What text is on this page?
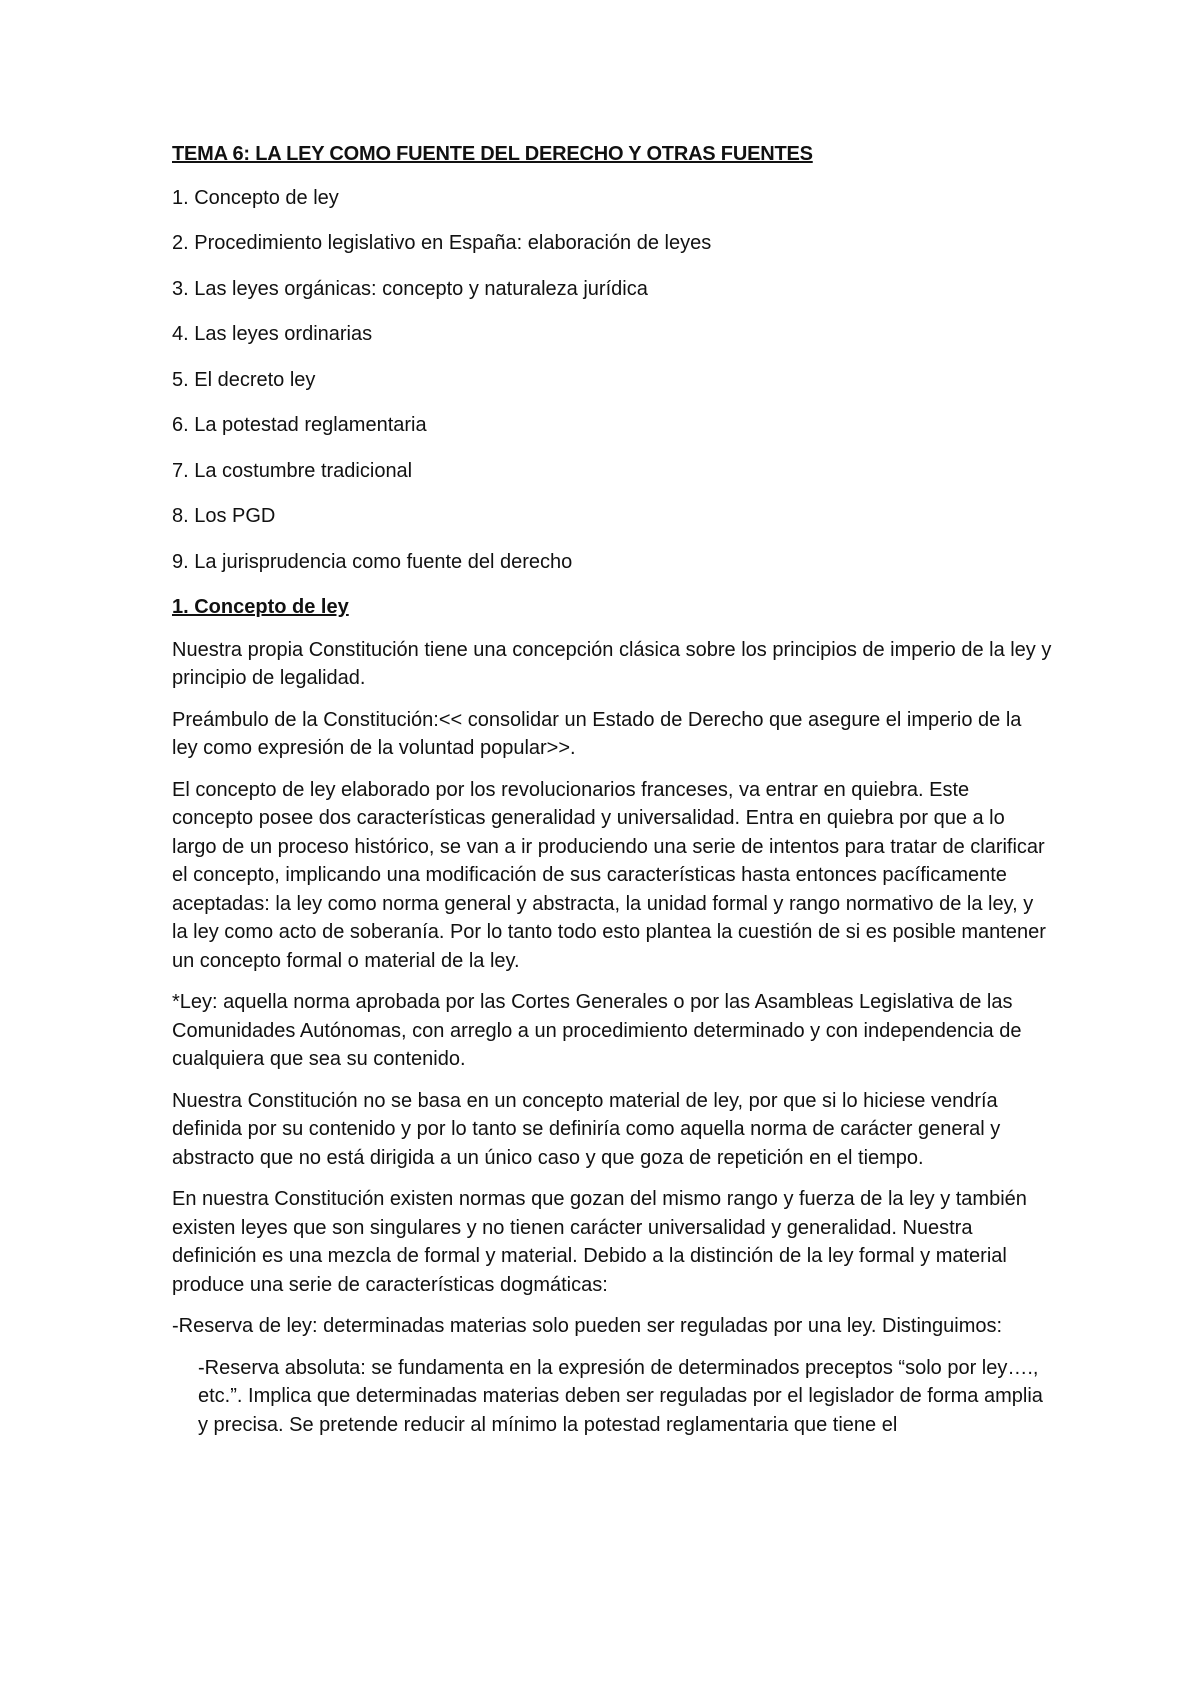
TEMA 6: LA LEY COMO FUENTE DEL DERECHO Y OTRAS FUENTES
1. Concepto de ley
2. Procedimiento legislativo en España: elaboración de leyes
3. Las leyes orgánicas: concepto y naturaleza jurídica
4. Las leyes ordinarias
5. El decreto ley
6. La potestad reglamentaria
7. La costumbre tradicional
8. Los PGD
9. La jurisprudencia como fuente del derecho
1. Concepto de ley

Nuestra propia Constitución tiene una concepción clásica sobre los principios de imperio de la ley y principio de legalidad.

Preámbulo de la Constitución:<< consolidar un Estado de Derecho que asegure el imperio de la ley como expresión de la voluntad popular>>.

El concepto de ley elaborado por los revolucionarios franceses, va entrar en quiebra. Este concepto posee dos características generalidad y universalidad. Entra en quiebra por que a lo largo de un proceso histórico, se van a ir produciendo una serie de intentos para tratar de clarificar el concepto, implicando una modificación de sus características hasta entonces pacíficamente aceptadas: la ley como norma general y abstracta, la unidad formal y rango normativo de la ley, y la ley como acto de soberanía. Por lo tanto todo esto plantea la cuestión de si es posible mantener un concepto formal o material de la ley.

*Ley: aquella norma aprobada por las Cortes Generales o por las Asambleas Legislativa de las Comunidades Autónomas, con arreglo a un procedimiento determinado y con independencia de cualquiera que sea su contenido.

Nuestra Constitución no se basa en un concepto material de ley, por que si lo hiciese vendría definida por su contenido y por lo tanto se definiría como aquella norma de carácter general y abstracto que no está dirigida a un único caso y que goza de repetición en el tiempo.

En nuestra Constitución existen normas que gozan del mismo rango y fuerza de la ley y también existen leyes que son singulares y no tienen carácter universalidad y generalidad. Nuestra definición es una mezcla de formal y material. Debido a la distinción de la ley formal y material produce una serie de características dogmáticas:

-Reserva de ley: determinadas materias solo pueden ser reguladas por una ley. Distinguimos:

-Reserva absoluta: se fundamenta en la expresión de determinados preceptos “solo por ley…., etc.”. Implica que determinadas materias deben ser reguladas por el legislador de forma amplia y precisa. Se pretende reducir al mínimo la potestad reglamentaria que tiene el
